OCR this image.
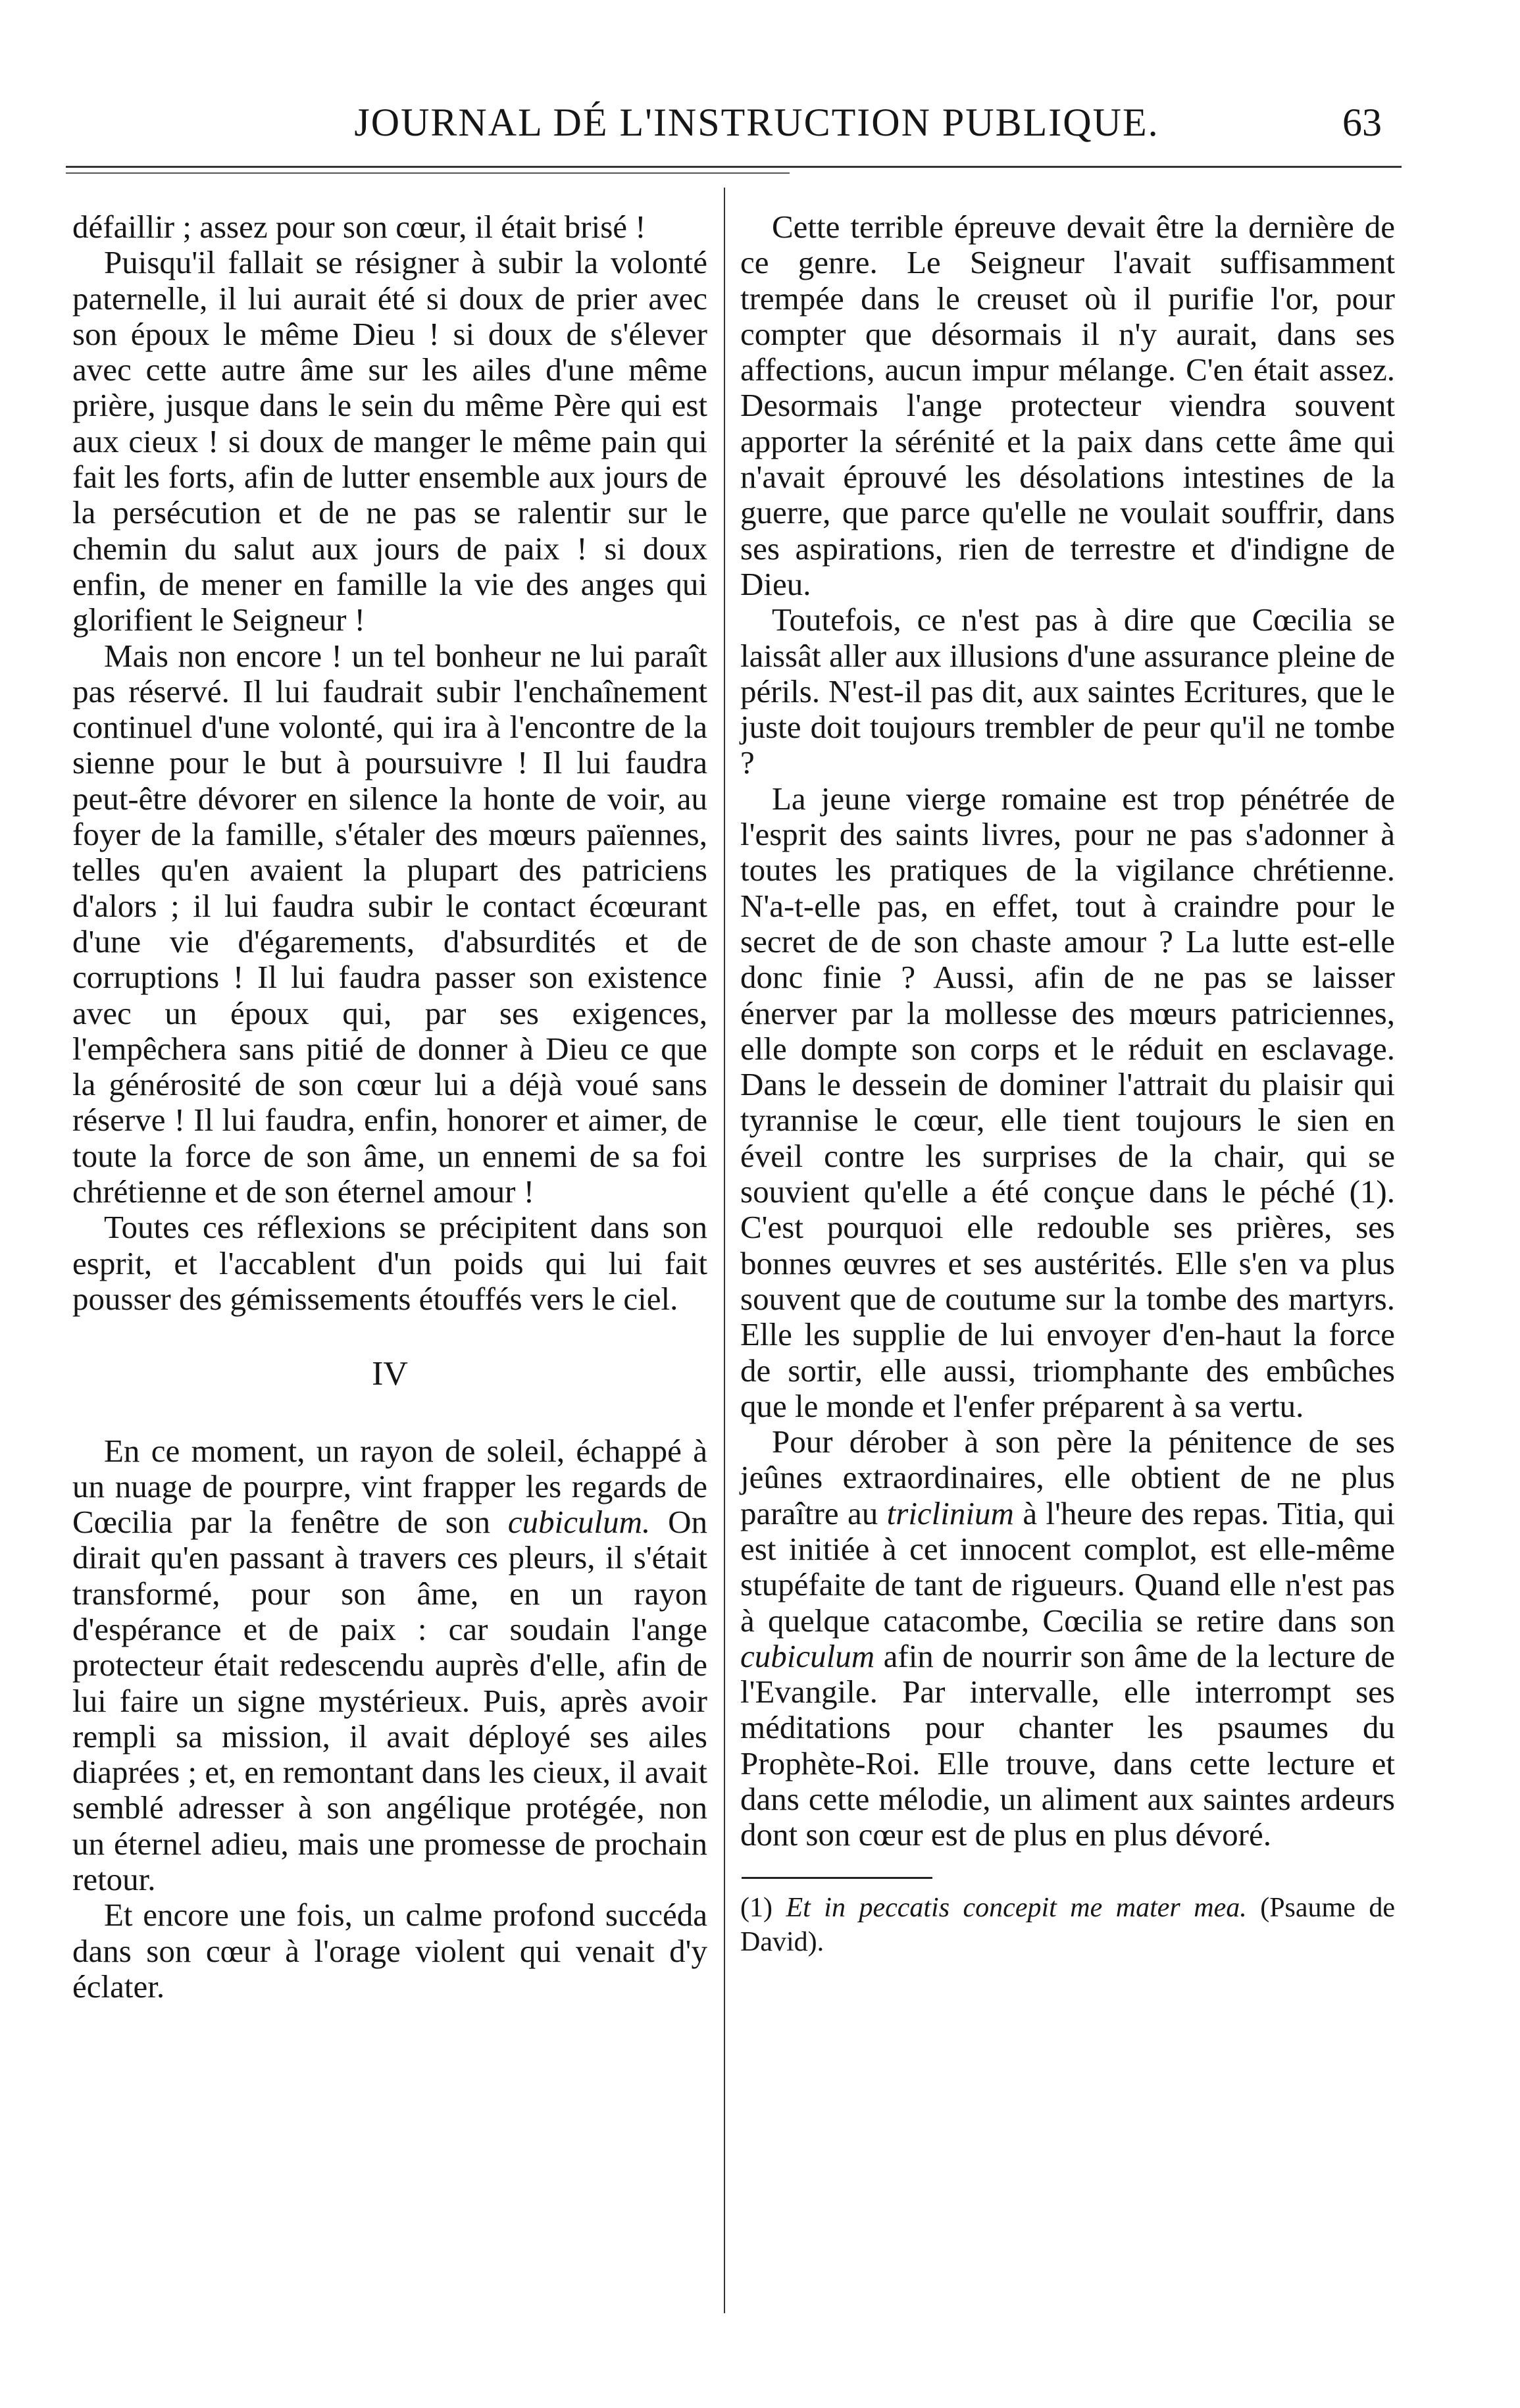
JOURNAL DÉ L'INSTRUCTION PUBLIQUE.	63

défaillir ; assez pour son cœur, il était brisé !

Puisqu'il fallait se résigner à subir la volonté paternelle, il lui aurait été si doux de prier avec son époux le même Dieu ! si doux de s'élever avec cette autre âme sur les ailes d'une même prière, jusque dans le sein du même Père qui est aux cieux ! si doux de manger le même pain qui fait les forts, afin de lutter ensemble aux jours de la persécution et de ne pas se ralentir sur le chemin du salut aux jours de paix ! si doux enfin, de mener en famille la vie des anges qui glorifient le Seigneur !

Mais non encore ! un tel bonheur ne lui paraît pas réservé. Il lui faudrait subir l'enchaînement continuel d'une volonté, qui ira à l'encontre de la sienne pour le but à poursuivre ! Il lui faudra peut-être dévorer en silence la honte de voir, au foyer de la famille, s'étaler des mœurs païennes, telles qu'en avaient la plupart des patriciens d'alors ; il lui faudra subir le contact écœurant d'une vie d'égarements, d'absurdités et de corruptions ! Il lui faudra passer son existence avec un époux qui, par ses exigences, l'empêchera sans pitié de donner à Dieu ce que la générosité de son cœur lui a déjà voué sans réserve ! Il lui faudra, enfin, honorer et aimer, de toute la force de son âme, un ennemi de sa foi chrétienne et de son éternel amour !

Toutes ces réflexions se précipitent dans son esprit, et l'accablent d'un poids qui lui fait pousser des gémissements étouffés vers le ciel.

IV

En ce moment, un rayon de soleil, échappé à un nuage de pourpre, vint frapper les regards de Cœcilia par la fenêtre de son cubiculum. On dirait qu'en passant à travers ces pleurs, il s'était transformé, pour son âme, en un rayon d'espérance et de paix : car soudain l'ange protecteur était redescendu auprès d'elle, afin de lui faire un signe mystérieux. Puis, après avoir rempli sa mission, il avait déployé ses ailes diaprées ; et, en remontant dans les cieux, il avait semblé adresser à son angélique protégée, non un éternel adieu, mais une promesse de prochain retour.

Et encore une fois, un calme profond succéda dans son cœur à l'orage violent qui venait d'y éclater.

Cette terrible épreuve devait être la dernière de ce genre. Le Seigneur l'avait suffisamment trempée dans le creuset où il purifie l'or, pour compter que désormais il n'y aurait, dans ses affections, aucun impur mélange. C'en était assez. Desormais l'ange protecteur viendra souvent apporter la sérénité et la paix dans cette âme qui n'avait éprouvé les désolations intestines de la guerre, que parce qu'elle ne voulait souffrir, dans ses aspirations, rien de terrestre et d'indigne de Dieu.

Toutefois, ce n'est pas à dire que Cœcilia se laissât aller aux illusions d'une assurance pleine de périls. N'est-il pas dit, aux saintes Ecritures, que le juste doit toujours trembler de peur qu'il ne tombe ?

La jeune vierge romaine est trop pénétrée de l'esprit des saints livres, pour ne pas s'adonner à toutes les pratiques de la vigilance chrétienne. N'a-t-elle pas, en effet, tout à craindre pour le secret de de son chaste amour ? La lutte est-elle donc finie ? Aussi, afin de ne pas se laisser énerver par la mollesse des mœurs patriciennes, elle dompte son corps et le réduit en esclavage. Dans le dessein de dominer l'attrait du plaisir qui tyrannise le cœur, elle tient toujours le sien en éveil contre les surprises de la chair, qui se souvient qu'elle a été conçue dans le péché (1). C'est pourquoi elle redouble ses prières, ses bonnes œuvres et ses austérités. Elle s'en va plus souvent que de coutume sur la tombe des martyrs. Elle les supplie de lui envoyer d'en-haut la force de sortir, elle aussi, triomphante des embûches que le monde et l'enfer préparent à sa vertu.

Pour dérober à son père la pénitence de ses jeûnes extraordinaires, elle obtient de ne plus paraître au triclinium à l'heure des repas. Titia, qui est initiée à cet innocent complot, est elle-même stupéfaite de tant de rigueurs. Quand elle n'est pas à quelque catacombe, Cœcilia se retire dans son cubiculum afin de nourrir son âme de la lecture de l'Evangile. Par intervalle, elle interrompt ses méditations pour chanter les psaumes du Prophète-Roi. Elle trouve, dans cette lecture et dans cette mélodie, un aliment aux saintes ardeurs dont son cœur est de plus en plus dévoré.

(1) Et in peccatis concepit me mater mea. (Psaume de David).
